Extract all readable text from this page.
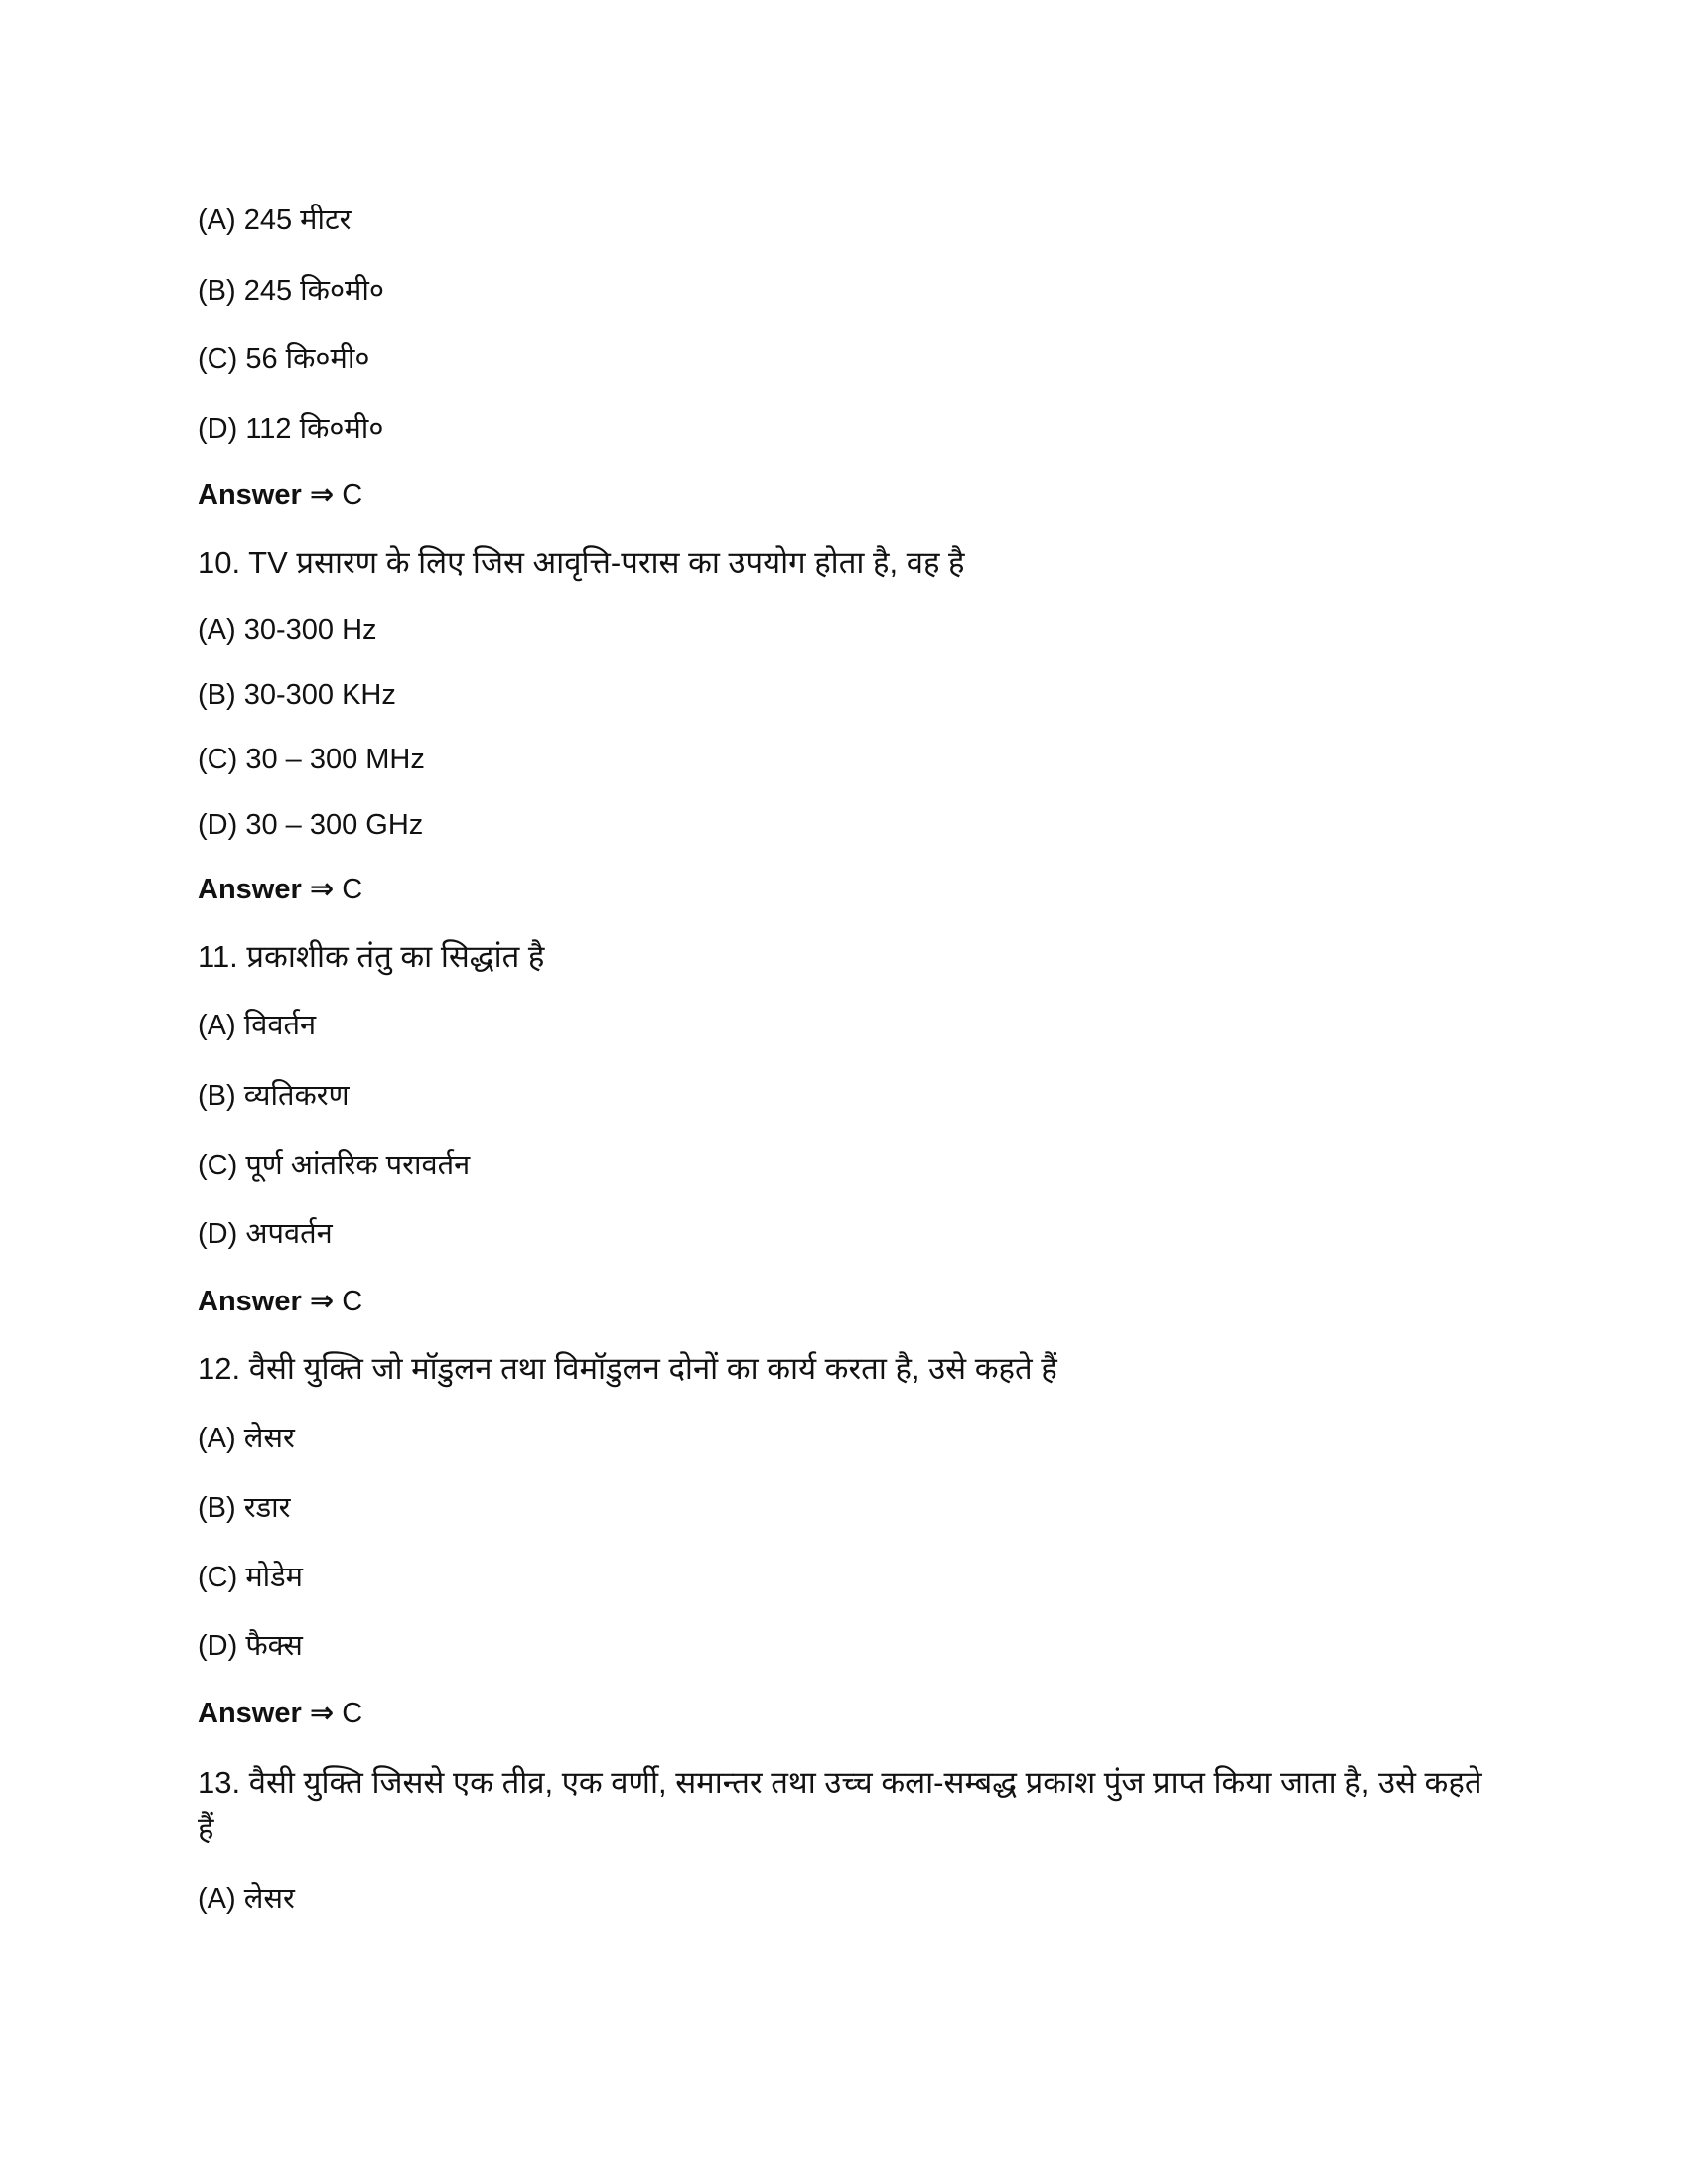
(A) 245 मीटर
(B) 245 कि०मी०
(C) 56 कि०मी०
(D) 112 कि०मी०
Answer ⇒ C
10. TV प्रसारण के लिए जिस आवृत्ति-परास का उपयोग होता है, वह है
(A) 30-300 Hz
(B) 30-300 KHz
(C) 30 – 300 MHz
(D) 30 – 300 GHz
Answer ⇒ C
11. प्रकाशीक तंतु का सिद्धांत है
(A) विवर्तन
(B) व्यतिकरण
(C) पूर्ण आंतरिक परावर्तन
(D) अपवर्तन
Answer ⇒ C
12. वैसी युक्ति जो मॉडुलन तथा विमॉडुलन दोनों का कार्य करता है, उसे कहते हैं
(A) लेसर
(B) रडार
(C) मोडेम
(D) फैक्स
Answer ⇒ C
13. वैसी युक्ति जिससे एक तीव्र, एक वर्णी, समान्तर तथा उच्च कला-सम्बद्ध प्रकाश पुंज प्राप्त किया जाता है, उसे कहते हैं
(A) लेसर
